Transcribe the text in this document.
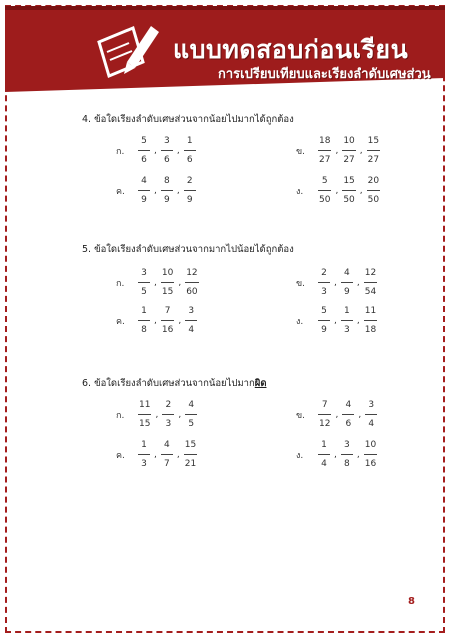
แบบทดสอบก่อนเรียน
การเปรียบเทียบและเรียงลำดับเศษส่วน
4. ข้อใดเรียงลำดับเศษส่วนจากน้อยไปมากได้ถูกต้อง
ก.	$\frac{5}{6}$ , $\frac{3}{6}$ , $\frac{1}{6}$	ข.	$\frac{18}{27}$ , $\frac{10}{27}$ , $\frac{15}{27}$
ค.	$\frac{4}{9}$ , $\frac{8}{9}$ , $\frac{2}{9}$	ง.	$\frac{5}{50}$ , $\frac{15}{50}$ , $\frac{20}{50}$
5. ข้อใดเรียงลำดับเศษส่วนจากมากไปน้อยได้ถูกต้อง
ก.	$\frac{3}{5}$ , $\frac{10}{15}$ , $\frac{12}{60}$	ข.	$\frac{2}{3}$ , $\frac{4}{9}$ , $\frac{12}{54}$
ค.	$\frac{1}{8}$ , $\frac{7}{16}$ , $\frac{3}{4}$	ง.	$\frac{5}{9}$ , $\frac{1}{3}$ , $\frac{11}{18}$
6. ข้อใดเรียงลำดับเศษส่วนจากน้อยไปมากผิด
ก.	$\frac{11}{15}$ , $\frac{2}{3}$ , $\frac{4}{5}$	ข.	$\frac{7}{12}$ , $\frac{4}{6}$ , $\frac{3}{4}$
ค.	$\frac{1}{3}$ , $\frac{4}{7}$ , $\frac{15}{21}$	ง.	$\frac{1}{4}$ , $\frac{3}{8}$ , $\frac{10}{16}$
8
